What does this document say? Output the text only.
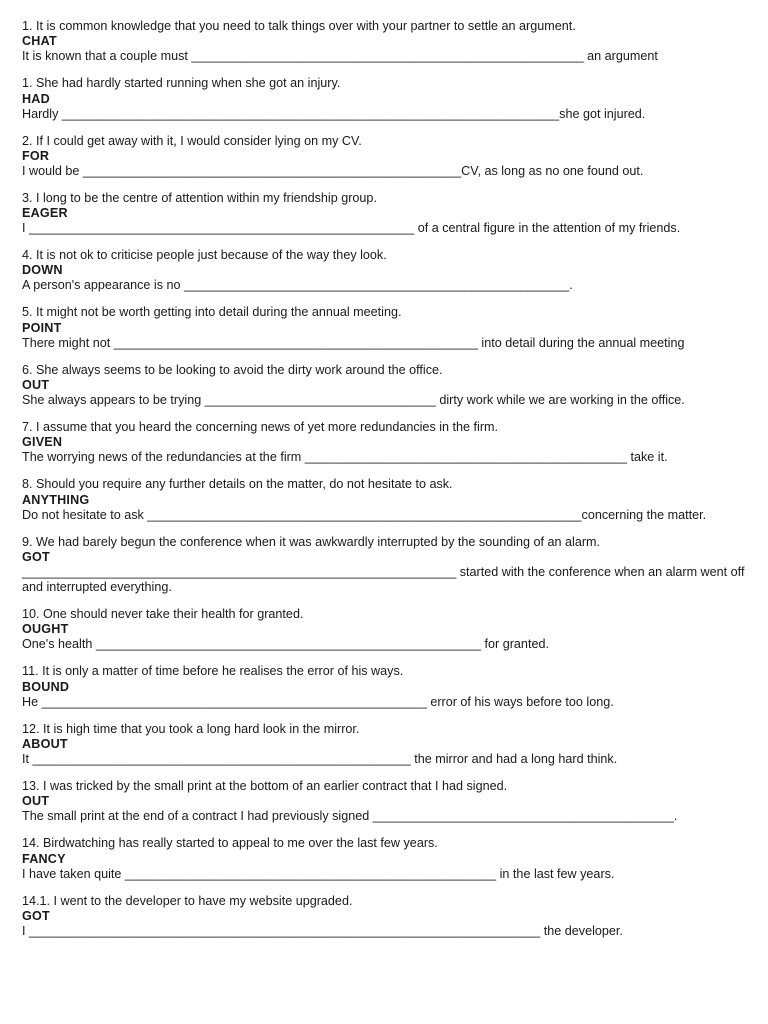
1. It is common knowledge that you need to talk things over with your partner to settle an argument.
CHAT
It is known that a couple must ________________________________________________________ an argument
1. She had hardly started running when she got an injury.
HAD
Hardly _______________________________________________________________________she got injured.
2. If I could get away with it, I would consider lying on my CV.
FOR
I would be ______________________________________________________CV, as long as no one found out.
3. I long to be the centre of attention within my friendship group.
EAGER
I _______________________________________________________ of a central figure in the attention of my friends.
4. It is not ok to criticise people just because of the way they look.
DOWN
A person's appearance is no _______________________________________________________.
5. It might not be worth getting into detail during the annual meeting.
POINT
There might not ____________________________________________________ into detail during the annual meeting
6. She always seems to be looking to avoid the dirty work around the office.
OUT
She always appears to be trying _________________________________ dirty work while we are working in the office.
7. I assume that you heard the concerning news of yet more redundancies in the firm.
GIVEN
The worrying news of the redundancies at the firm ______________________________________________ take it.
8. Should you require any further details on the matter, do not hesitate to ask.
ANYTHING
Do not hesitate to ask ______________________________________________________________concerning the matter.
9. We had barely begun the conference when it was awkwardly interrupted by the sounding of an alarm.
GOT
______________________________________________________________ started with the conference when an alarm went off and interrupted everything.
10. One should never take their health for granted.
OUGHT
One's health _______________________________________________________ for granted.
11. It is only a matter of time before he realises the error of his ways.
BOUND
He _______________________________________________________ error of his ways before too long.
12. It is high time that you took a long hard look in the mirror.
ABOUT
It ______________________________________________________ the mirror and had a long hard think.
13. I was tricked by the small print at the bottom of an earlier contract that I had signed.
OUT
The small print at the end of a contract I had previously signed ___________________________________________.
14. Birdwatching has really started to appeal to me over the last few years.
FANCY
I have taken quite _____________________________________________________ in the last few years.
14.1. I went to the developer to have my website upgraded.
GOT
I _________________________________________________________________________ the developer.
